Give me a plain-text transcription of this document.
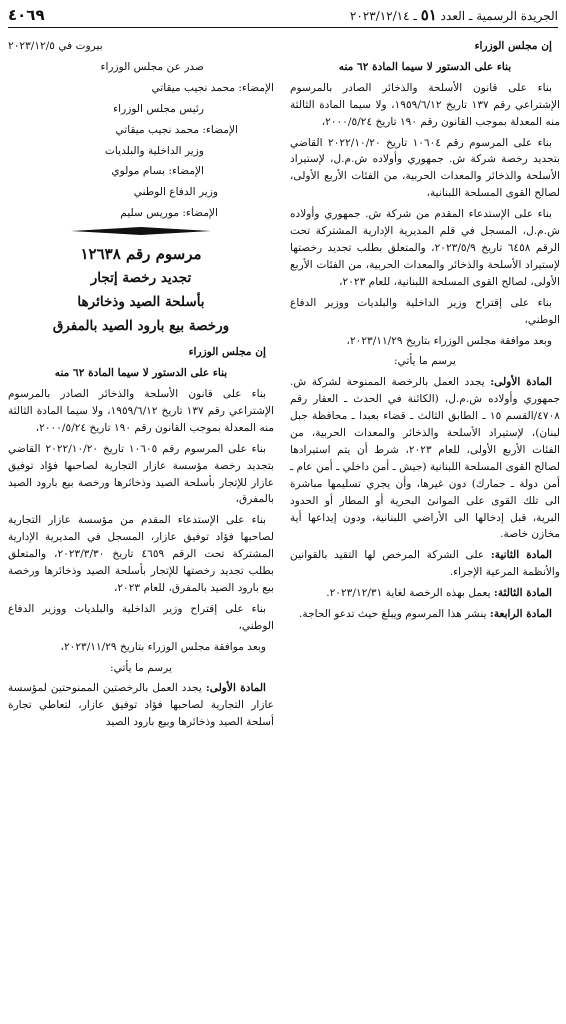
٤٠٦٩	الجريدة الرسمية ـ العدد ٥١ ـ ٢٠٢٣/١٢/١٤

إن مجلس الوزراء

بناء على الدستور لا سيما المادة ٦٢ منه

بناء على قانون الأسلحة والذخائر الصادر بالمرسوم الإشتراعي رقم ١٣٧ تاريخ ١٩٥٩/٦/١٢، ولا سيما المادة الثالثة منه المعدلة بموجب القانون رقم ١٩٠ تاريخ ٢٠٠٠/٥/٢٤،

بناء على المرسوم رقم ١٠٦٠٤ تاريخ ٢٠٢٢/١٠/٢٠ القاضي بتجديد رخصة شركة ش. جمهوري وأولاده ش.م.ل، لإستيراد الأسلحة والذخائر والمعدات الحربية، من الفئات الأربع الأولى، لصالح القوى المسلحة اللبنانية،

بناء على الإستدعاء المقدم من شركة ش. جمهوري وأولاده ش.م.ل، المسجل في قلم المديرية الإدارية المشتركة تحت الرقم ٦٤٥٨ تاريخ ٢٠٢٣/٥/٩، والمتعلق بطلب تجديد رخصتها لإستيراد الأسلحة والذخائر والمعدات الحربية، من الفئات الأربع الأولى، لصالح القوى المسلحة اللبنانية، للعام ٢٠٢٣،

بناء على إقتراح وزير الداخلية والبلديات ووزير الدفاع الوطني،

وبعد موافقة مجلس الوزراء بتاريخ ٢٠٢٣/١١/٢٩،

يرسم ما يأتي:

المادة الأولى: يجدد العمل بالرخصة الممنوحة لشركة ش. جمهوري وأولاده ش.م.ل، (الكائنة في الحدث ـ العقار رقم ٤٧٠٨/القسم ١٥ ـ الطابق الثالث ـ قضاء بعبدا ـ محافظة جبل لبنان)، لإستيراد الأسلحة والذخائر والمعدات الحربية، من الفئات الأربع الأولى، للعام ٢٠٢٣، شرط أن يتم استيرادها لصالح القوى المسلحة اللبنانية (جيش ـ أمن داخلي ـ أمن عام ـ أمن دولة ـ جمارك) دون غيرها، وأن يجري تسليمها مباشرة الى تلك القوى على الموانئ البحرية أو المطار أو الحدود البرية، قبل إدخالها الى الأراضي اللبنانية، ودون إيداعها أية مخازن خاصة.

المادة الثانية: على الشركة المرخص لها التقيد بالقوانين والأنظمة المرعية الإجراء.

المادة الثالثة: يعمل بهذه الرخصة لغاية ٢٠٢٣/١٢/٣١.

المادة الرابعة: ينشر هذا المرسوم ويبلغ حيث تدعو الحاجة.

بيروت في ٢٠٢٣/١٢/٥

صدر عن مجلس الوزراء

الإمضاء: محمد نجيب ميقاتي

رئيس مجلس الوزراء

الإمضاء: محمد نجيب ميقاتي

وزير الداخلية والبلديات

الإمضاء: بسام مولوي

وزير الدفاع الوطني

الإمضاء: موريس سليم

مرسوم رقم ١٢٦٣٨

تجديد رخصة إتجار

بأسلحة الصيد وذخائرها

ورخصة بيع بارود الصيد بالمفرق

إن مجلس الوزراء

بناء على الدستور لا سيما المادة ٦٢ منه

بناء على قانون الأسلحة والذخائر الصادر بالمرسوم الإشتراعي رقم ١٣٧ تاريخ ١٩٥٩/٦/١٢، ولا سيما المادة الثالثة منه المعدلة بموجب القانون رقم ١٩٠ تاريخ ٢٠٠٠/٥/٢٤،

بناء على المرسوم رقم ١٠٦٠٥ تاريخ ٢٠٢٢/١٠/٢٠ القاضي بتجديد رخصة مؤسسة عازار التجارية لصاحبها فؤاد توفيق عازار للإتجار بأسلحة الصيد وذخائرها ورخصة بيع بارود الصيد بالمفرق،

بناء على الإستدعاء المقدم من مؤسسة عازار التجارية لصاحبها فؤاد توفيق عازار، المسجل في المديرية الإدارية المشتركة تحت الرقم ٤٦٥٩ تاريخ ٢٠٢٣/٣/٣٠، والمتعلق بطلب تجديد رخصتها للإتجار بأسلحة الصيد وذخائرها ورخصة بيع بارود الصيد بالمفرق، للعام ٢٠٢٣،

بناء على إقتراح وزير الداخلية والبلديات ووزير الدفاع الوطني،

وبعد موافقة مجلس الوزراء بتاريخ ٢٠٢٣/١١/٢٩،

يرسم ما يأتي:

المادة الأولى: يجدد العمل بالرخصتين الممنوحتين لمؤسسة عازار التجارية لصاحبها فؤاد توفيق عازار، لتعاطي تجارة أسلحة الصيد وذخائرها وبيع بارود الصيد
